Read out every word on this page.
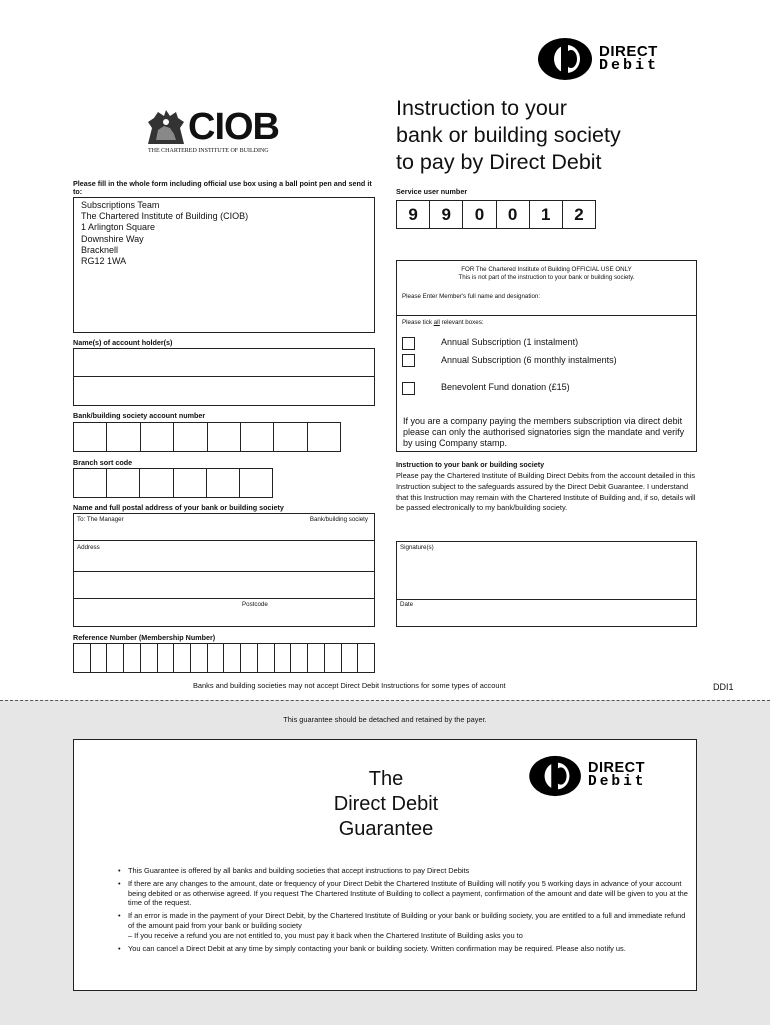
DIRECT
Debit
CIOB
THE CHARTERED INSTITUTE OF BUILDING
Instruction to your
bank or building society
to pay by Direct Debit
Please fill in the whole form including official use box using a ball point pen and send it to:
Subscriptions Team
The Chartered Institute of Building (CIOB)
1 Arlington Square
Downshire Way
Bracknell
RG12 1WA
Service user number
9	9	0	0	1	2
FOR The Chartered Institute of Building OFFICIAL USE ONLY
This is not part of the instruction to your bank or building society.
Please Enter Member's full name and designation:
Please tick all relevant boxes:
Annual Subscription (1 instalment)
Annual Subscription (6 monthly instalments)
Benevolent Fund donation (£15)
If you are a company paying the members subscription via direct debit please can only the authorised signatories sign the mandate and verify by using Company stamp.
Name(s) of account holder(s)
Bank/building society account number
Branch sort code
Name and full postal address of your bank or building society
To: The Manager	Bank/building society
Address
Postcode
Reference Number (Membership Number)
Instruction to your bank or building society
Please pay the Chartered Institute of Building Direct Debits from the account detailed in this Instruction subject to the safeguards assured by the Direct Debit Guarantee. I understand that this Instruction may remain with the Chartered Institute of Building and, if so, details will be passed electronically to my bank/building society.
Signature(s)
Date
Banks and building societies may not accept Direct Debit Instructions for some types of account	DDI1
This guarantee should be detached and retained by the payer.
The
Direct Debit
Guarantee
DIRECT
Debit
• This Guarantee is offered by all banks and building societies that accept instructions to pay Direct Debits
• If there are any changes to the amount, date or frequency of your Direct Debit the Chartered Institute of Building will notify you 5 working days in advance of your account being debited or as otherwise agreed. If you request The Chartered Institute of Building to collect a payment, confirmation of the amount and date will be given to you at the time of the request.
• If an error is made in the payment of your Direct Debit, by the Chartered Institute of Building or your bank or building society, you are entitled to a full and immediate refund of the amount paid from your bank or building society
– If you receive a refund you are not entitled to, you must pay it back when the Chartered Institute of Building asks you to
• You can cancel a Direct Debit at any time by simply contacting your bank or building society. Written confirmation may be required. Please also notify us.
